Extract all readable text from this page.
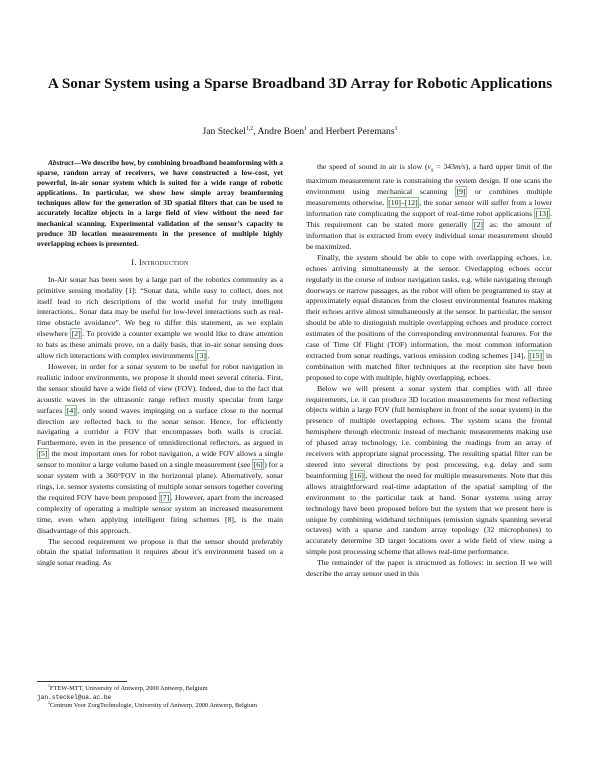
A Sonar System using a Sparse Broadband 3D Array for Robotic Applications
Jan Steckel$^{1,2}$, Andre Boen$^1$ and Herbert Peremans$^1$

Abstract—We describe how, by combining broadband beamforming with a sparse, random array of receivers, we have constructed a low-cost, yet powerful, in-air sonar system which is suited for a wide range of robotic applications. In particular, we show how simple array beamforming techniques allow for the generation of 3D spatial filters that can be used to accurately localize objects in a large field of view without the need for mechanical scanning. Experimental validation of the sensor’s capacity to produce 3D location measurements in the presence of multiple highly overlapping echoes is presented.

I. Introduction

In-Air sonar has been seen by a large part of the robotics community as a primitive sensing modality [1]: “Sonar data, while easy to collect, does not itself lead to rich descriptions of the world useful for truly intelligent interactions.. Sonar data may be useful for low-level interactions such as real-time obstacle avoidance”. We beg to differ this statement, as we explain elsewhere [2] . To provide a counter example we would like to draw attention to bats as these animals prove, on a daily basis, that in-air sonar sensing does allow rich interactions with complex environments [3] .

However, in order for a sonar system to be useful for robot navigation in realistic indoor environments, we propose it should meet several criteria. First, the sensor should have a wide field of view (FOV). Indeed, due to the fact that acoustic waves in the ultrasonic range reflect mostly specular from large surfaces [4] , only sound waves impinging on a surface close to the normal direction are reflected back to the sonar sensor. Hence, for efficiently navigating a corridor a FOV that encompasses both walls is crucial. Furthermore, even in the presence of omnidirectional reflectors, as argued in [5] the most important ones for robot navigation, a wide FOV allows a single sensor to monitor a large volume based on a single measurement (see [6] ) for a sonar system with a 360°FOV in the horizontal plane). Alternatively, sonar rings, i.e. sensor systems consisting of multiple sonar sensors together covering the required FOV have been proposed [7] . However, apart from the increased complexity of operating a multiple sensor system an increased measurement time, even when applying intelligent firing schemes [8], is the main disadvantage of this approach.

The second requirement we propose is that the sensor should preferably obtain the spatial information it requires about it’s environment based on a single sonar reading. As

$^1$FTEW-MTT, University of Antwerp, 2000 Antwerp, Belgium
jan.steckel@ua.ac.be
$^2$Centrum Voor ZorgTechnologie, University of Antwerp, 2000 Antwerp, Belgium

the speed of sound in air is slow $(v_s = 343m/s)$, a hard upper limit of the maximum measurement rate is constraining the system design. If one scans the environment using mechanical scanning [9] or combines multiple measurements otherwise, [10]–[12] , the sonar sensor will suffer from a lower information rate complicating the support of real-time robot applications [13] . This requirement can be stated more generally [2] as: the amount of information that is extracted from every individual sonar measurement should be maximized.

Finally, the system should be able to cope with overlapping echoes, i.e. echoes arriving simultaneously at the sensor. Overlapping echoes occur regularly in the course of indoor navigation tasks, e.g. while navigating through doorways or narrow passages, as the robot will often be programmed to stay at approximately equal distances from the closest environmental features making their echoes arrive almost simultaneously at the sensor. In particular, the sensor should be able to distinguish multiple overlapping echoes and produce correct estimates of the positions of the corresponding environmental features. For the case of Time Of Flight (TOF) information, the most common information extracted from sonar readings, various emission coding schemes [14], [15] in combination with matched filter techniques at the reception site have been proposed to cope with multiple, highly overlapping, echoes.

Below we will present a sonar system that complies with all three requirements, i.e. it can produce 3D location measurements for most reflecting objects within a large FOV (full hemisphere in front of the sonar system) in the presence of multiple overlapping echoes. The system scans the frontal hemisphere through electronic instead of mechanic measurements making use of phased array technology, i.e. combining the readings from an array of receivers with appropriate signal processing. The resulting spatial filter can be steered into several directions by post processing, e.g. delay and sum beamforming [16] , without the need for multiple measurements. Note that this allows straightforward real-time adaptation of the spatial sampling of the environment to the particular task at hand. Sonar systems using array technology have been proposed before but the system that we present here is unique by combining wideband techniques (emission signals spanning several octaves) with a sparse and random array topology (32 microphones) to accurately determine 3D target locations over a wide field of view using a simple post processing scheme that allows real-time performance.

The remainder of the paper is structured as follows: in section II we will describe the array sensor used in this
